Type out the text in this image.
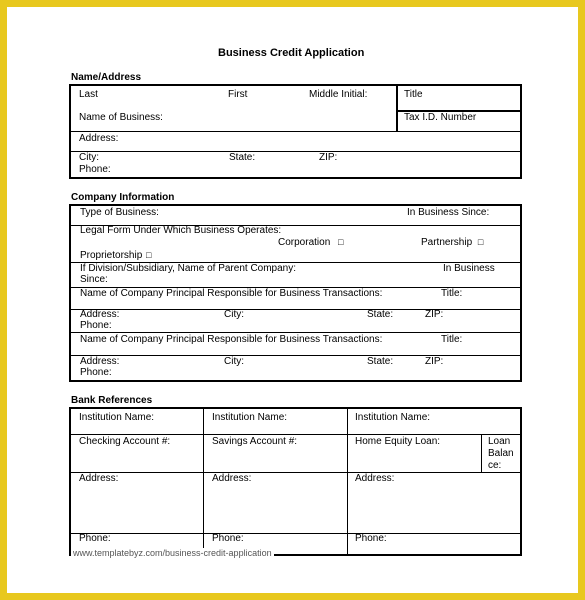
Business Credit Application
Name/Address
Last	First	Middle Initial:	Title
Name of Business:	Tax I.D. Number
Address:
City:	State:	ZIP:
Phone:
Company Information
Type of Business:	In Business Since:
Legal Form Under Which Business Operates:
Corporation □	Partnership □
Proprietorship □
If Division/Subsidiary, Name of Parent Company:	In Business
Since:
Name of Company Principal Responsible for Business Transactions:	Title:
Address:	City:	State:	ZIP:
Phone:
Name of Company Principal Responsible for Business Transactions:	Title:
Address:	City:	State:	ZIP:
Phone:
Bank References
Institution Name:	Institution Name:	Institution Name:
Checking Account #:	Savings Account #:	Home Equity Loan:	Loan
Balan
ce:
Address:	Address:	Address:
Phone:	Phone:	Phone:
www.templatebyz.com/business-credit-application
